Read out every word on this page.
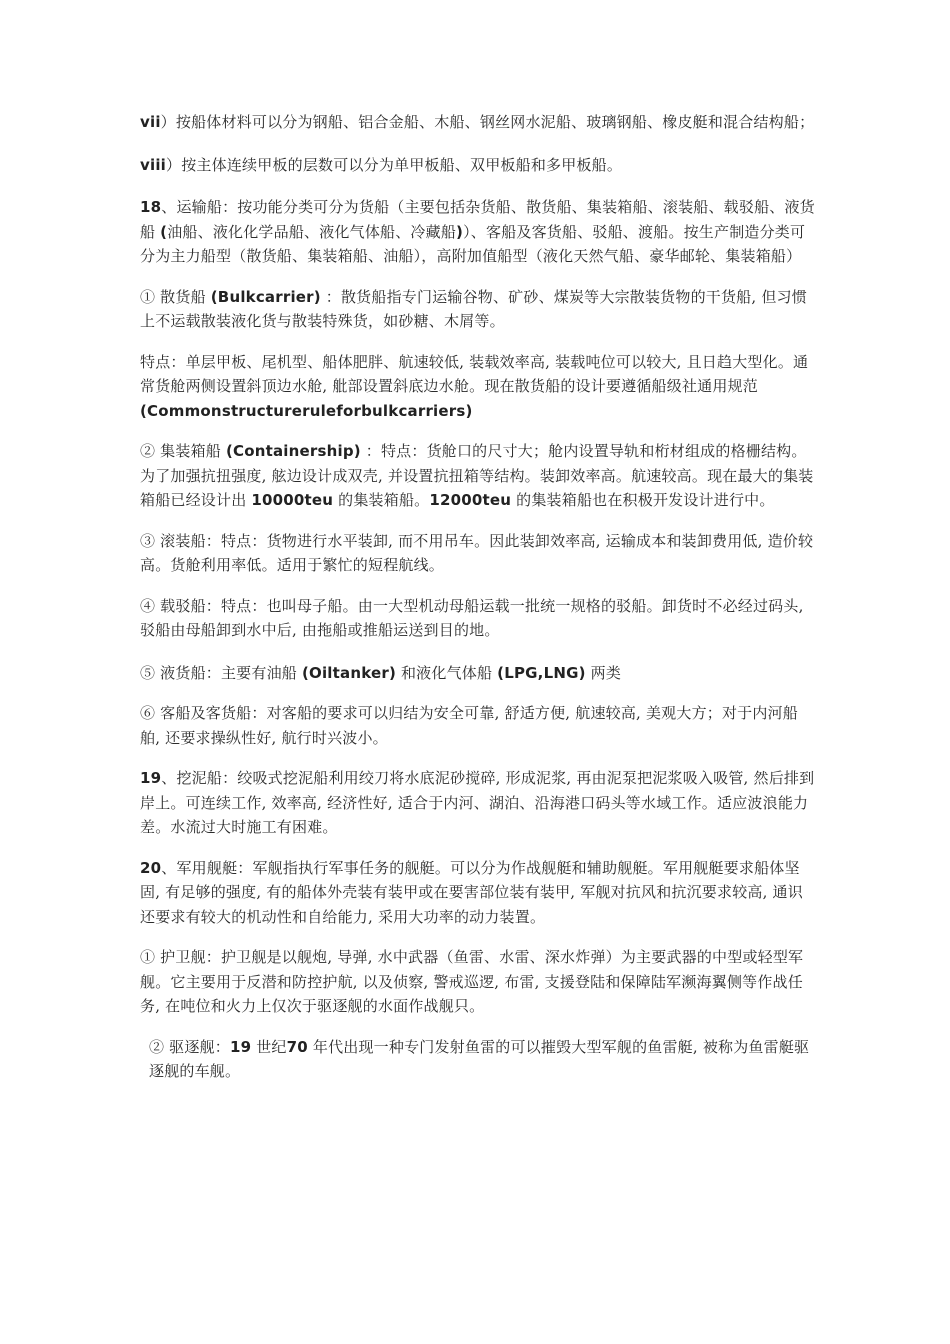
vii）按船体材料可以分为钢船、铝合金船、木船、钢丝网水泥船、玻璃钢船、橡皮艇和混合结构船；

viii）按主体连续甲板的层数可以分为单甲板船、双甲板船和多甲板船。

18、运输船：按功能分类可分为货船（主要包括杂货船、散货船、集装箱船、滚装船、载驳船、液货船 (油船、液化化学品船、液化气体船、冷藏船)）、客船及客货船、驳船、渡船。按生产制造分类可分为主力船型（散货船、集装箱船、油船），高附加值船型（液化天然气船、豪华邮轮、集装箱船）

① 散货船 (Bulkcarrier) ：散货船指专门运输谷物、矿砂、煤炭等大宗散装货物的干货船, 但习惯上不运载散装液化货与散装特殊货，如砂糖、木屑等。

特点：单层甲板、尾机型、船体肥胖、航速较低, 装载效率高, 装载吨位可以较大, 且日趋大型化。通常货舱两侧设置斜顶边水舱, 舭部设置斜底边水舱。现在散货船的设计要遵循船级社通用规范 (Commonstructureruleforbulkcarriers)

② 集装箱船 (Containership) ：特点：货舱口的尺寸大；舱内设置导轨和桁材组成的格栅结构。为了加强抗扭强度, 舷边设计成双壳, 并设置抗扭箱等结构。装卸效率高。航速较高。现在最大的集装箱船已经设计出 10000teu 的集装箱船。12000teu 的集装箱船也在积极开发设计进行中。

③ 滚装船：特点：货物进行水平装卸, 而不用吊车。因此装卸效率高, 运输成本和装卸费用低, 造价较高。货舱利用率低。适用于繁忙的短程航线。

④ 载驳船：特点：也叫母子船。由一大型机动母船运载一批统一规格的驳船。卸货时不必经过码头, 驳船由母船卸到水中后, 由拖船或推船运送到目的地。

⑤ 液货船：主要有油船 (Oiltanker) 和液化气体船 (LPG,LNG) 两类

⑥ 客船及客货船：对客船的要求可以归结为安全可靠, 舒适方便, 航速较高, 美观大方；对于内河船舶, 还要求操纵性好, 航行时兴波小。

19、挖泥船：绞吸式挖泥船利用绞刀将水底泥砂搅碎, 形成泥浆, 再由泥泵把泥浆吸入吸管, 然后排到岸上。可连续工作, 效率高, 经济性好, 适合于内河、湖泊、沿海港口码头等水域工作。适应波浪能力差。水流过大时施工有困难。

20、军用舰艇：军舰指执行军事任务的舰艇。可以分为作战舰艇和辅助舰艇。军用舰艇要求船体坚固, 有足够的强度, 有的船体外壳装有装甲或在要害部位装有装甲, 军舰对抗风和抗沉要求较高, 通识还要求有较大的机动性和自给能力, 采用大功率的动力装置。

① 护卫舰：护卫舰是以舰炮, 导弹, 水中武器（鱼雷、水雷、深水炸弹）为主要武器的中型或轻型军舰。它主要用于反潜和防控护航, 以及侦察, 警戒巡逻, 布雷, 支援登陆和保障陆军濒海翼侧等作战任务, 在吨位和火力上仅次于驱逐舰的水面作战舰只。

② 驱逐舰：19 世纪70 年代出现一种专门发射鱼雷的可以摧毁大型军舰的鱼雷艇, 被称为鱼雷艇驱逐舰的车舰。
